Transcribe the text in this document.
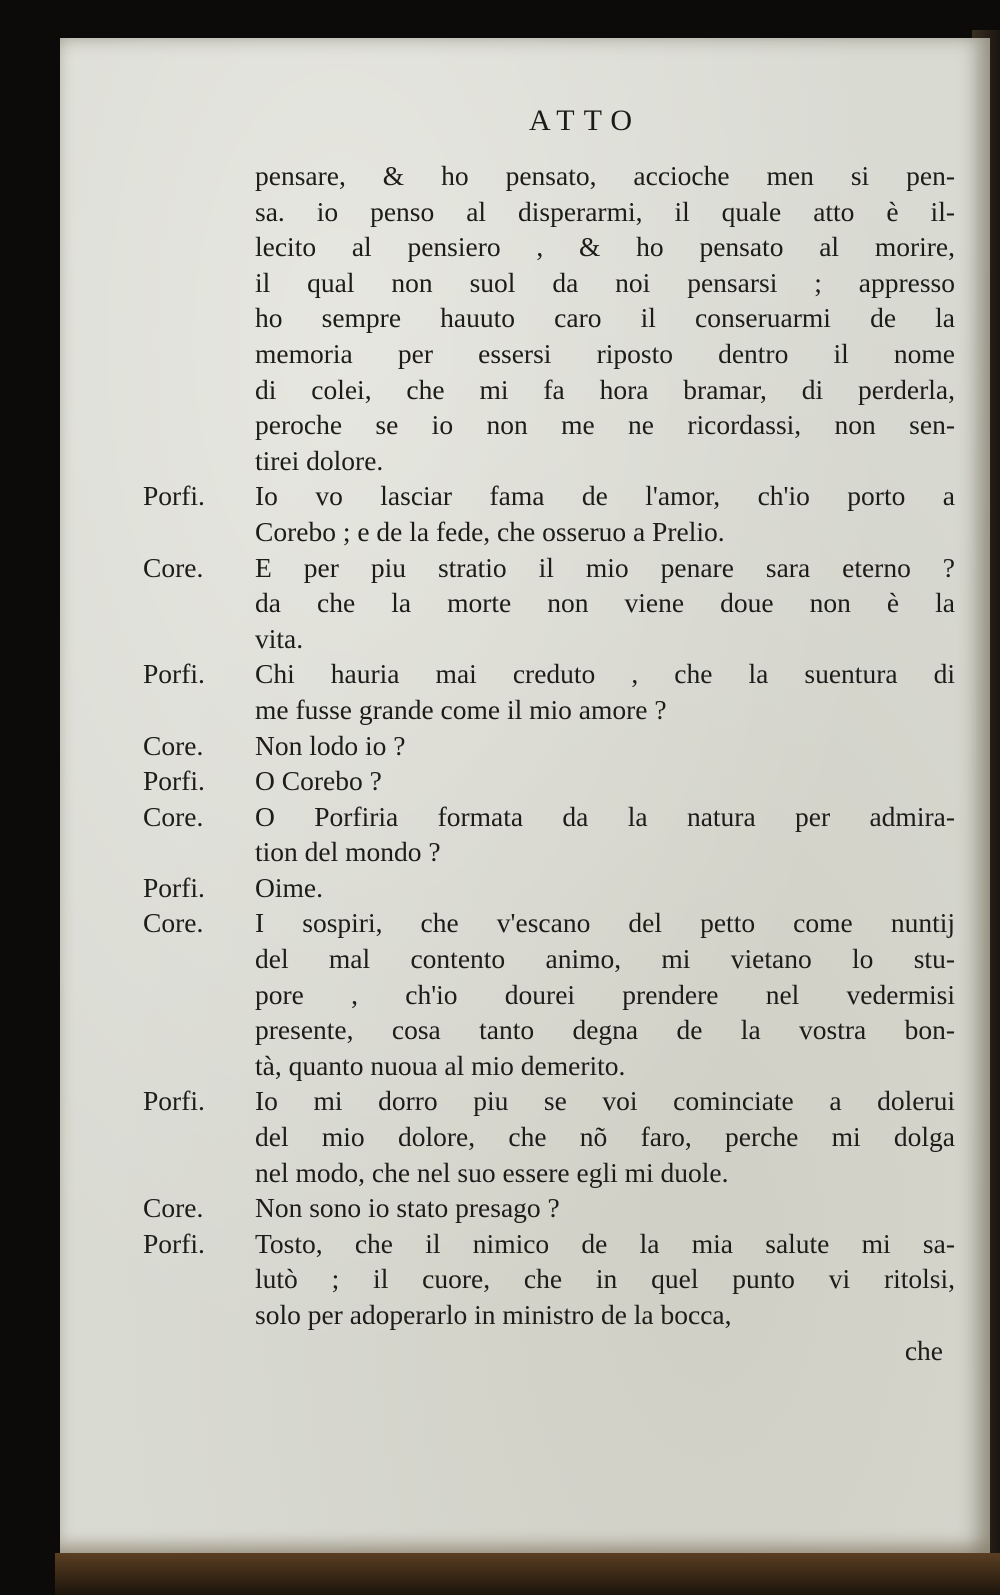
ATTO
pensare, & ho pensato, accioche men si pen-
sa. io penso al disperarmi, il quale atto è il-
lecito al pensiero , & ho pensato al morire,
il qual non suol da noi pensarsi ; appresso
ho sempre hauuto caro il conseruarmi de la
memoria per essersi riposto dentro il nome
di colei, che mi fa hora bramar, di perderla,
peroche se io non me ne ricordassi, non sen-
tirei dolore.
Porfi.	Io vo lasciar fama de l'amor, ch'io porto a
Corebo ; e de la fede, che osseruo a Prelio.
Core.	E per piu stratio il mio penare sara eterno ?
da che la morte non viene doue non è la
vita.
Porfi.	Chi hauria mai creduto , che la suentura di
me fusse grande come il mio amore ?
Core.	Non lodo io ?
Porfi.	O Corebo ?
Core.	O Porfiria formata da la natura per admira-
tion del mondo ?
Porfi.	Oime.
Core.	I sospiri, che v'escano del petto come nuntij
del mal contento animo, mi vietano lo stu-
pore , ch'io dourei prendere nel vedermisi
presente, cosa tanto degna de la vostra bon-
tà, quanto nuoua al mio demerito.
Porfi.	Io mi dorro piu se voi cominciate a dolerui
del mio dolore, che nõ faro, perche mi dolga
nel modo, che nel suo essere egli mi duole.
Core.	Non sono io stato presago ?
Porfi.	Tosto, che il nimico de la mia salute mi sa-
lutò ; il cuore, che in quel punto vi ritolsi,
solo per adoperarlo in ministro de la bocca,
che
